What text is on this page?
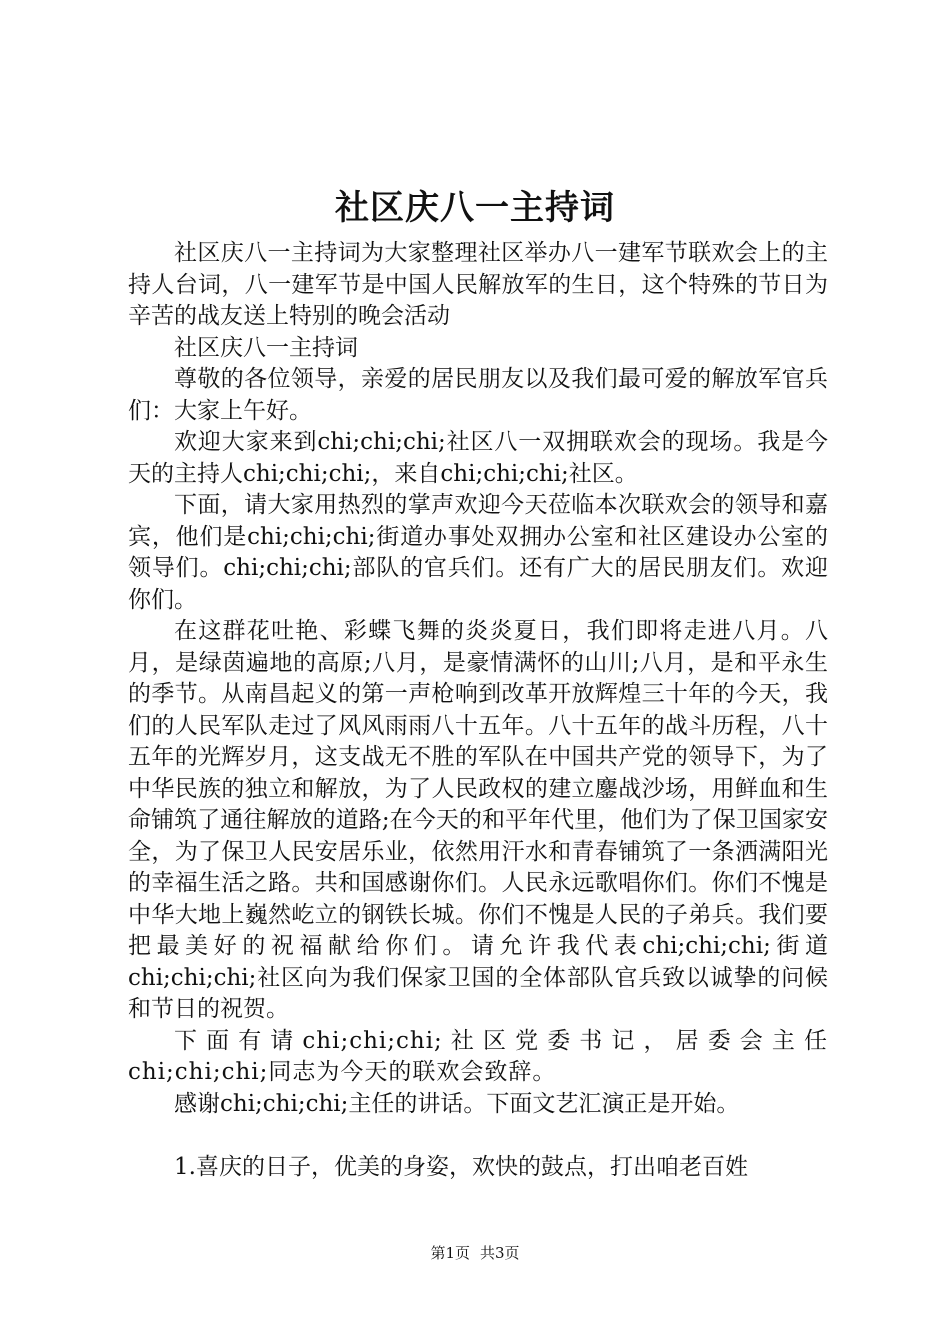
社区庆八一主持词

社区庆八一主持词为大家整理社区举办八一建军节联欢会上的主持人台词，八一建军节是中国人民解放军的生日，这个特殊的节日为辛苦的战友送上特别的晚会活动

社区庆八一主持词

尊敬的各位领导，亲爱的居民朋友以及我们最可爱的解放军官兵们：大家上午好。

欢迎大家来到chi;chi;chi;社区八一双拥联欢会的现场。我是今天的主持人chi;chi;chi;，来自chi;chi;chi;社区。

下面，请大家用热烈的掌声欢迎今天莅临本次联欢会的领导和嘉宾，他们是chi;chi;chi;街道办事处双拥办公室和社区建设办公室的领导们。chi;chi;chi;部队的官兵们。还有广大的居民朋友们。欢迎你们。

在这群花吐艳、彩蝶飞舞的炎炎夏日，我们即将走进八月。八月，是绿茵遍地的高原;八月，是豪情满怀的山川;八月，是和平永生的季节。从南昌起义的第一声枪响到改革开放辉煌三十年的今天，我们的人民军队走过了风风雨雨八十五年。八十五年的战斗历程，八十五年的光辉岁月，这支战无不胜的军队在中国共产党的领导下，为了中华民族的独立和解放，为了人民政权的建立鏖战沙场，用鲜血和生命铺筑了通往解放的道路;在今天的和平年代里，他们为了保卫国家安全，为了保卫人民安居乐业，依然用汗水和青春铺筑了一条洒满阳光的幸福生活之路。共和国感谢你们。人民永远歌唱你们。你们不愧是中华大地上巍然屹立的钢铁长城。你们不愧是人民的子弟兵。我们要把最美好的祝福献给你们。请允许我代表chi;chi;chi;街道chi;chi;chi;社区向为我们保家卫国的全体部队官兵致以诚挚的问候和节日的祝贺。

下面有请chi;chi;chi;社区党委书记，居委会主任chi;chi;chi;同志为今天的联欢会致辞。

感谢chi;chi;chi;主任的讲话。下面文艺汇演正是开始。

1.喜庆的日子，优美的身姿，欢快的鼓点，打出咱老百姓

第1页 共3页
